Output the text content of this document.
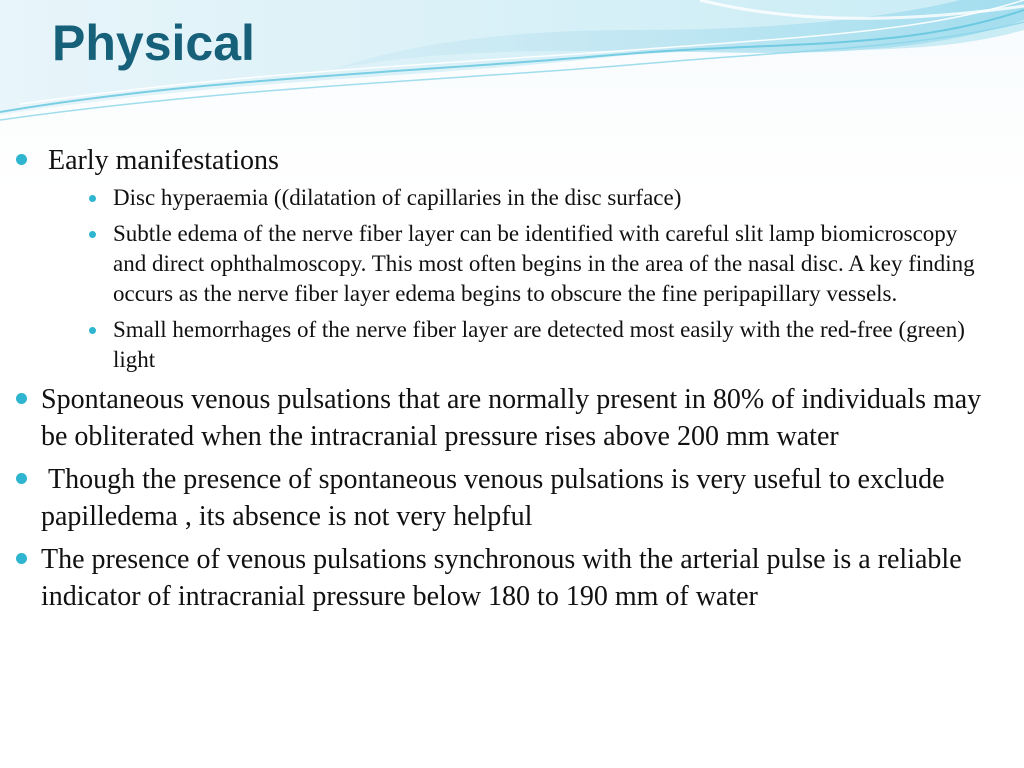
Physical
Early manifestations
Disc hyperaemia ((dilatation of capillaries in the disc surface)
Subtle edema of the nerve fiber layer can be identified with careful slit lamp biomicroscopy and direct ophthalmoscopy. This most often begins in the area of the nasal disc. A key finding occurs as the nerve fiber layer edema begins to obscure the fine peripapillary vessels.
Small hemorrhages of the nerve fiber layer are detected most easily with the red-free (green) light
Spontaneous venous pulsations that are normally present in 80% of individuals may be obliterated when the intracranial pressure rises above 200 mm water
Though the presence of spontaneous venous pulsations is very useful to exclude papilledema , its absence is not very helpful
The presence of venous pulsations synchronous with the arterial pulse is a reliable indicator of intracranial pressure below 180 to 190 mm of water
